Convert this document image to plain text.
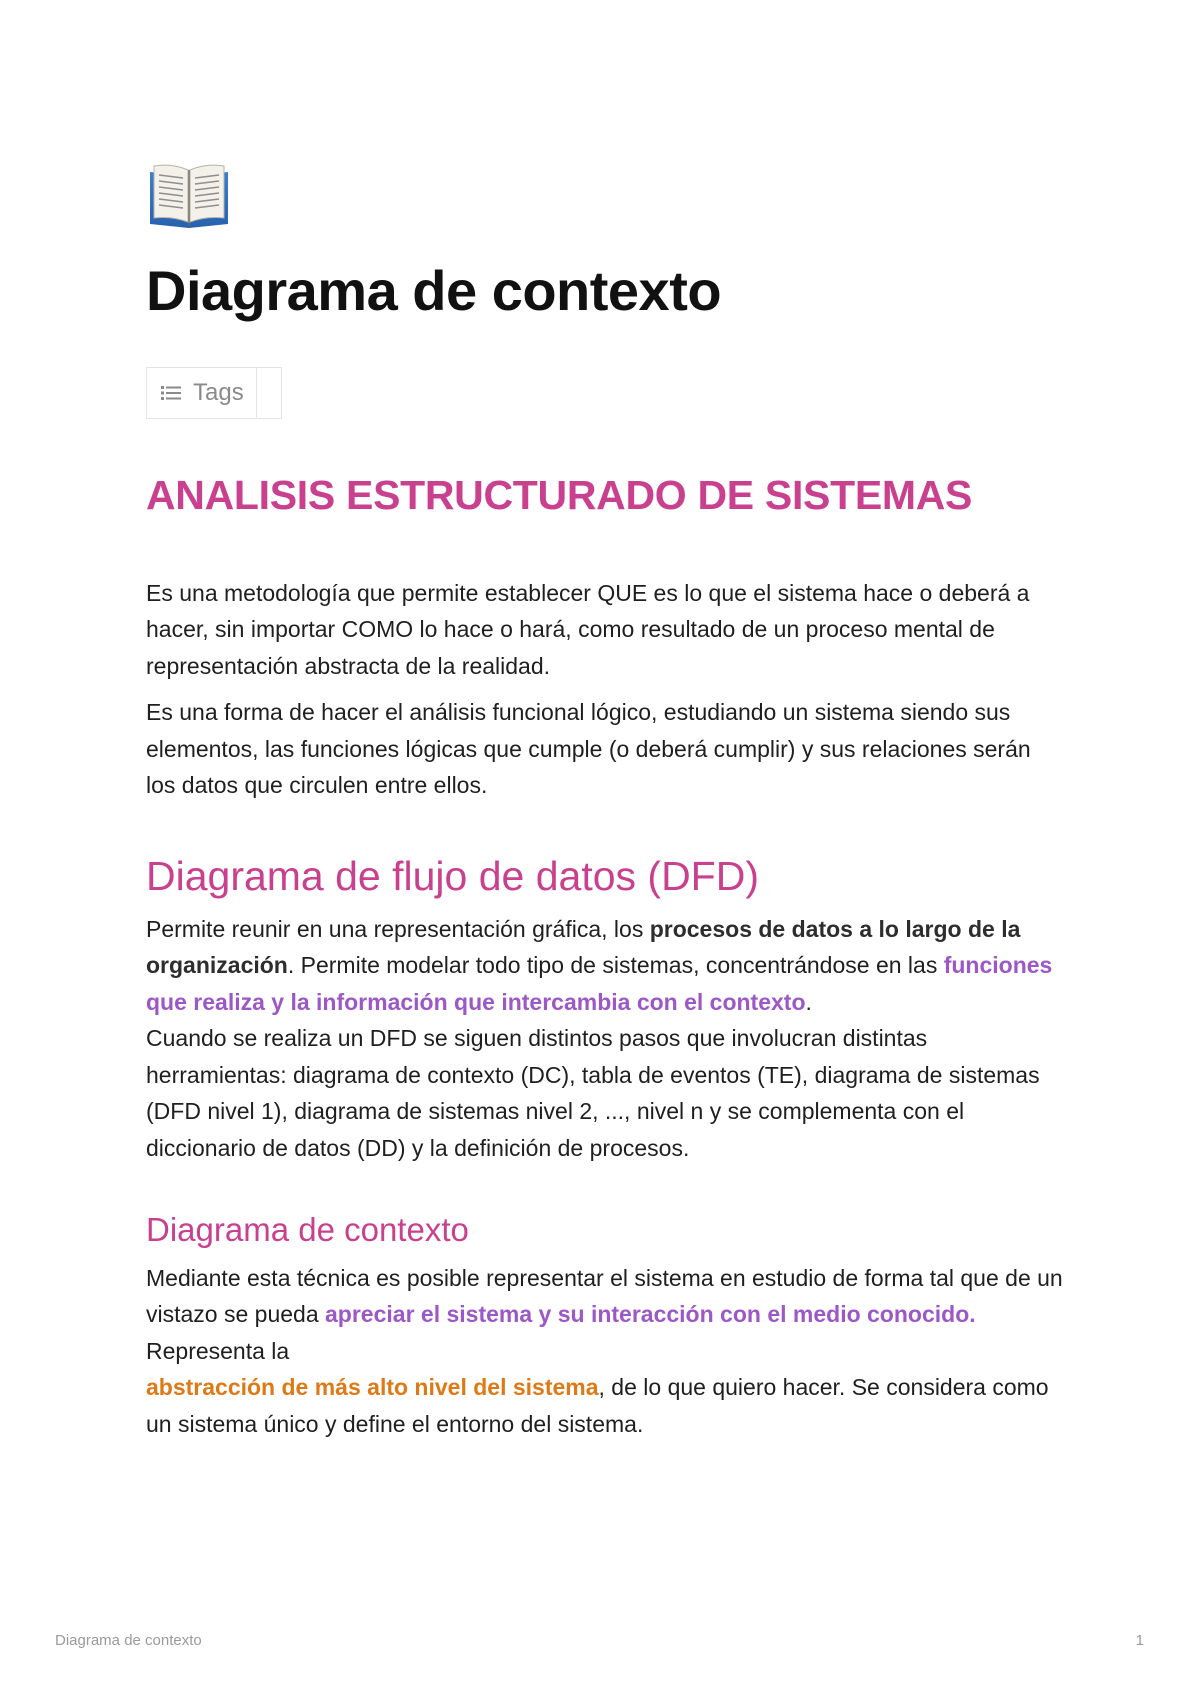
Diagrama de contexto
Tags
ANALISIS ESTRUCTURADO DE SISTEMAS

Es una metodología que permite establecer QUE es lo que el sistema hace o deberá a hacer, sin importar COMO lo hace o hará, como resultado de un proceso mental de representación abstracta de la realidad.

Es una forma de hacer el análisis funcional lógico, estudiando un sistema siendo sus elementos, las funciones lógicas que cumple (o deberá cumplir) y sus relaciones serán los datos que circulen entre ellos.

Diagrama de flujo de datos (DFD)

Permite reunir en una representación gráfica, los procesos de datos a lo largo de la organización. Permite modelar todo tipo de sistemas, concentrándose en las funciones que realiza y la información que intercambia con el contexto.
Cuando se realiza un DFD se siguen distintos pasos que involucran distintas herramientas: diagrama de contexto (DC), tabla de eventos (TE), diagrama de sistemas (DFD nivel 1), diagrama de sistemas nivel 2, ..., nivel n y se complementa con el diccionario de datos (DD) y la definición de procesos.

Diagrama de contexto

Mediante esta técnica es posible representar el sistema en estudio de forma tal que de un vistazo se pueda apreciar el sistema y su interacción con el medio conocido.
Representa la
abstracción de más alto nivel del sistema, de lo que quiero hacer. Se considera como un sistema único y define el entorno del sistema.

Diagrama de contexto	1
